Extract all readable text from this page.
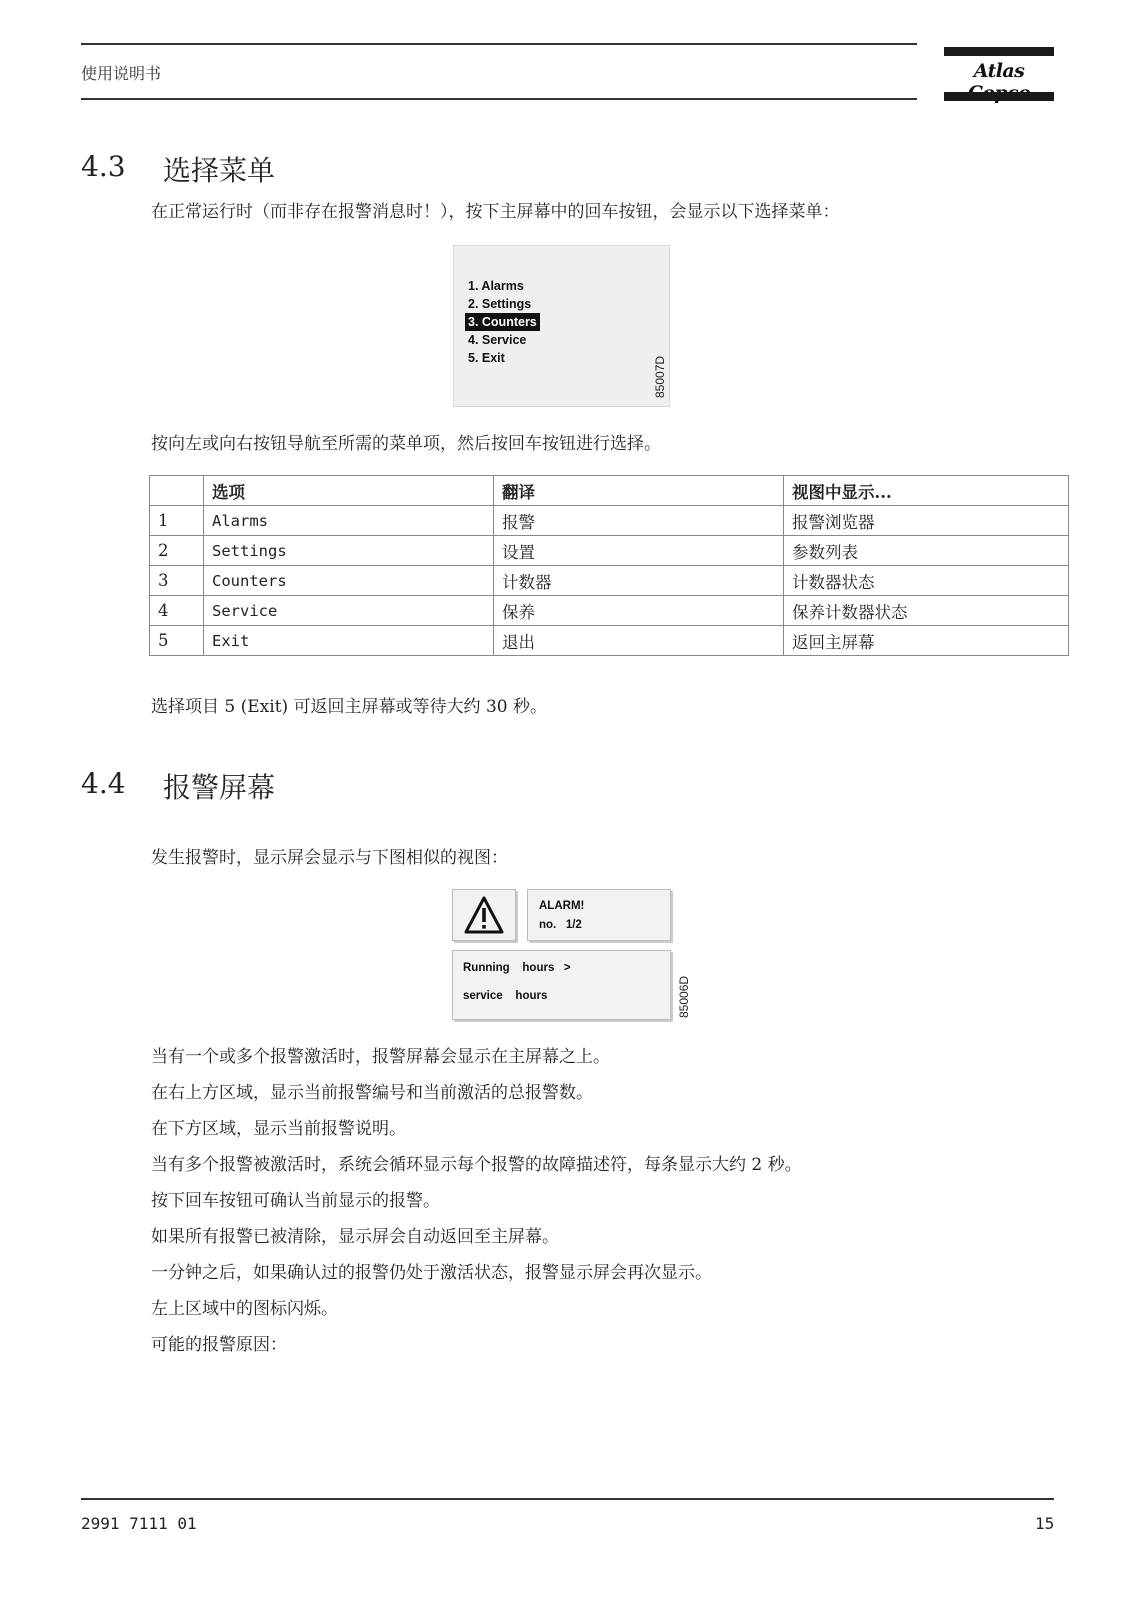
使用说明书	Atlas
4.3 选择菜单
在正常运行时（而非存在报警消息时！），按下主屏幕中的回车按钮，会显示以下选择菜单：
1. Alarms
2. Settings
3. Counters
4. Service
5. Exit	85007D
按向左或向右按钮导航至所需的菜单项，然后按回车按钮进行选择。
	选项	翻译	视图中显示...
1	Alarms	报警	报警浏览器
2	Settings	设置	参数列表
3	Counters	计数器	计数器状态
4	Service	保养	保养计数器状态
5	Exit	退出	返回主屏幕
选择项目 5 (Exit) 可返回主屏幕或等待大约 30 秒。
4.4 报警屏幕
发生报警时，显示屏会显示与下图相似的视图：
ALARM!
no.   1/2
Running    hours   >
service    hours	85006D
当有一个或多个报警激活时，报警屏幕会显示在主屏幕之上。
在右上方区域，显示当前报警编号和当前激活的总报警数。
在下方区域，显示当前报警说明。
当有多个报警被激活时，系统会循环显示每个报警的故障描述符，每条显示大约 2 秒。
按下回车按钮可确认当前显示的报警。
如果所有报警已被清除，显示屏会自动返回至主屏幕。
一分钟之后，如果确认过的报警仍处于激活状态，报警显示屏会再次显示。
左上区域中的图标闪烁。
可能的报警原因：
2991 7111 01	15
